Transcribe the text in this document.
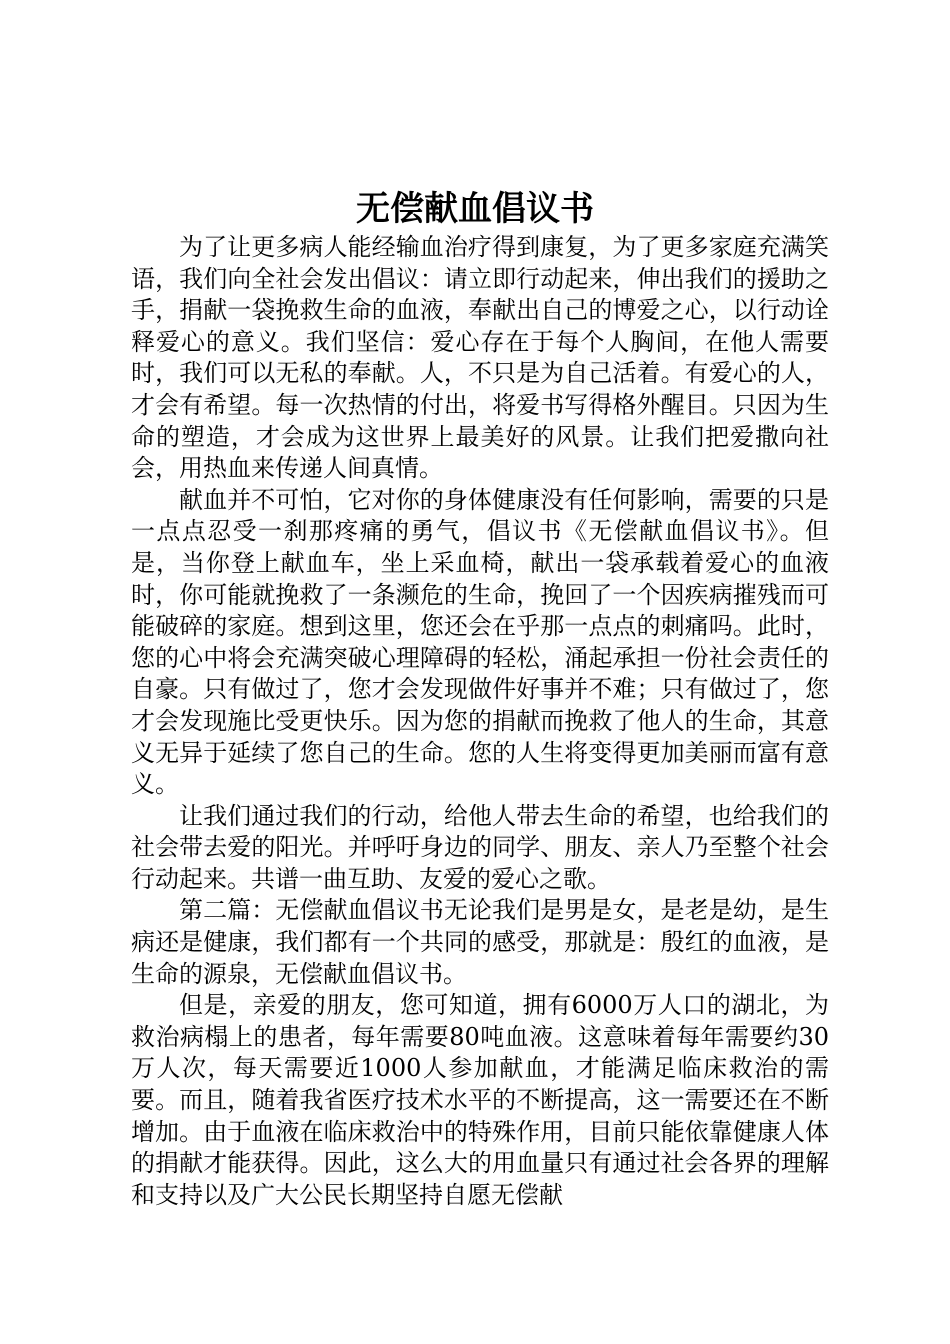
无偿献血倡议书

为了让更多病人能经输血治疗得到康复，为了更多家庭充满笑语，我们向全社会发出倡议：请立即行动起来，伸出我们的援助之手，捐献一袋挽救生命的血液，奉献出自己的博爱之心，以行动诠释爱心的意义。我们坚信：爱心存在于每个人胸间，在他人需要时，我们可以无私的奉献。人，不只是为自己活着。有爱心的人，才会有希望。每一次热情的付出，将爱书写得格外醒目。只因为生命的塑造，才会成为这世界上最美好的风景。让我们把爱撒向社会，用热血来传递人间真情。

献血并不可怕，它对你的身体健康没有任何影响，需要的只是一点点忍受一刹那疼痛的勇气，倡议书《无偿献血倡议书》。但是，当你登上献血车，坐上采血椅，献出一袋承载着爱心的血液时，你可能就挽救了一条濒危的生命，挽回了一个因疾病摧残而可能破碎的家庭。想到这里，您还会在乎那一点点的刺痛吗。此时，您的心中将会充满突破心理障碍的轻松，涌起承担一份社会责任的自豪。只有做过了，您才会发现做件好事并不难；只有做过了，您才会发现施比受更快乐。因为您的捐献而挽救了他人的生命，其意义无异于延续了您自己的生命。您的人生将变得更加美丽而富有意义。

让我们通过我们的行动，给他人带去生命的希望，也给我们的社会带去爱的阳光。并呼吁身边的同学、朋友、亲人乃至整个社会行动起来。共谱一曲互助、友爱的爱心之歌。

第二篇：无偿献血倡议书无论我们是男是女，是老是幼，是生病还是健康，我们都有一个共同的感受，那就是：殷红的血液，是生命的源泉，无偿献血倡议书。

但是，亲爱的朋友，您可知道，拥有6000万人口的湖北，为救治病榻上的患者，每年需要80吨血液。这意味着每年需要约30万人次，每天需要近1000人参加献血，才能满足临床救治的需要。而且，随着我省医疗技术水平的不断提高，这一需要还在不断增加。由于血液在临床救治中的特殊作用，目前只能依靠健康人体的捐献才能获得。因此，这么大的用血量只有通过社会各界的理解和支持以及广大公民长期坚持自愿无偿献
